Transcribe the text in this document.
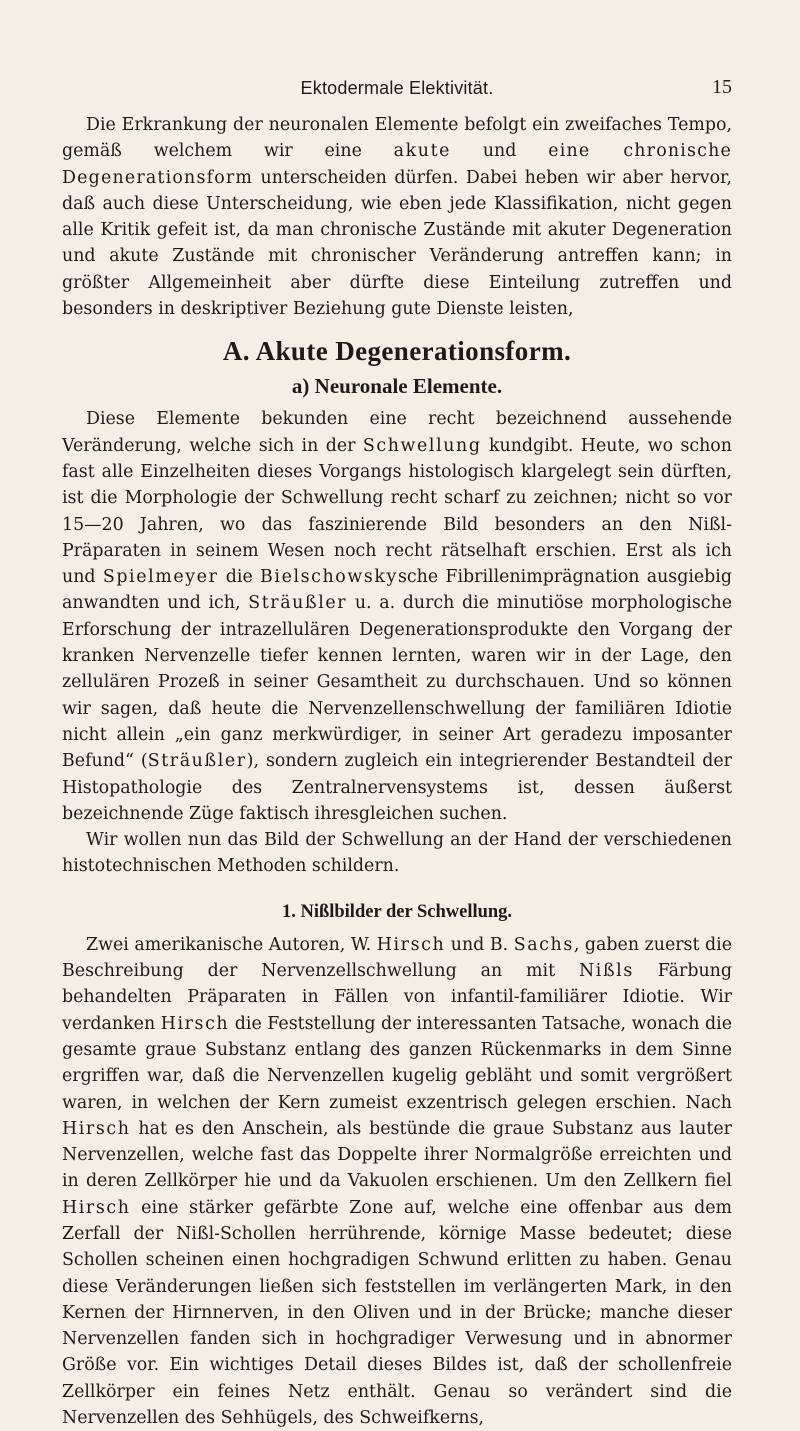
Ektodermale Elektivität.	15

Die Erkrankung der neuronalen Elemente befolgt ein zweifaches Tempo, gemäß welchem wir eine akute und eine chronische Degenerationsform unterscheiden dürfen. Dabei heben wir aber hervor, daß auch diese Unterscheidung, wie eben jede Klassifikation, nicht gegen alle Kritik gefeit ist, da man chronische Zustände mit akuter Degeneration und akute Zustände mit chronischer Veränderung antreffen kann; in größter Allgemeinheit aber dürfte diese Einteilung zutreffen und besonders in deskriptiver Beziehung gute Dienste leisten,

A. Akute Degenerationsform.
a) Neuronale Elemente.

Diese Elemente bekunden eine recht bezeichnend aussehende Veränderung, welche sich in der Schwellung kundgibt. Heute, wo schon fast alle Einzelheiten dieses Vorgangs histologisch klargelegt sein dürften, ist die Morphologie der Schwellung recht scharf zu zeichnen; nicht so vor 15—20 Jahren, wo das faszinierende Bild besonders an den Nißl-Präparaten in seinem Wesen noch recht rätselhaft erschien. Erst als ich und Spielmeyer die Bielschowskysche Fibrillenimprägnation ausgiebig anwandten und ich, Sträußler u. a. durch die minutiöse morphologische Erforschung der intrazellulären Degenerationsprodukte den Vorgang der kranken Nervenzelle tiefer kennen lernten, waren wir in der Lage, den zellulären Prozeß in seiner Gesamtheit zu durchschauen. Und so können wir sagen, daß heute die Nervenzellenschwellung der familiären Idiotie nicht allein „ein ganz merkwürdiger, in seiner Art geradezu imposanter Befund“ (Sträußler), sondern zugleich ein integrierender Bestandteil der Histopathologie des Zentralnervensystems ist, dessen äußerst bezeichnende Züge faktisch ihresgleichen suchen.

Wir wollen nun das Bild der Schwellung an der Hand der verschiedenen histotechnischen Methoden schildern.

1. Nißlbilder der Schwellung.

Zwei amerikanische Autoren, W. Hirsch und B. Sachs, gaben zuerst die Beschreibung der Nervenzellschwellung an mit Nißls Färbung behandelten Präparaten in Fällen von infantil-familiärer Idiotie. Wir verdanken Hirsch die Feststellung der interessanten Tatsache, wonach die gesamte graue Substanz entlang des ganzen Rückenmarks in dem Sinne ergriffen war, daß die Nervenzellen kugelig gebläht und somit vergrößert waren, in welchen der Kern zumeist exzentrisch gelegen erschien. Nach Hirsch hat es den Anschein, als bestünde die graue Substanz aus lauter Nervenzellen, welche fast das Doppelte ihrer Normalgröße erreichten und in deren Zellkörper hie und da Vakuolen erschienen. Um den Zellkern fiel Hirsch eine stärker gefärbte Zone auf, welche eine offenbar aus dem Zerfall der Nißl-Schollen herrührende, körnige Masse bedeutet; diese Schollen scheinen einen hochgradigen Schwund erlitten zu haben. Genau diese Veränderungen ließen sich feststellen im verlängerten Mark, in den Kernen der Hirnnerven, in den Oliven und in der Brücke; manche dieser Nervenzellen fanden sich in hochgradiger Verwesung und in abnormer Größe vor. Ein wichtiges Detail dieses Bildes ist, daß der schollenfreie Zellkörper ein feines Netz enthält. Genau so verändert sind die Nervenzellen des Sehhügels, des Schweifkerns,
